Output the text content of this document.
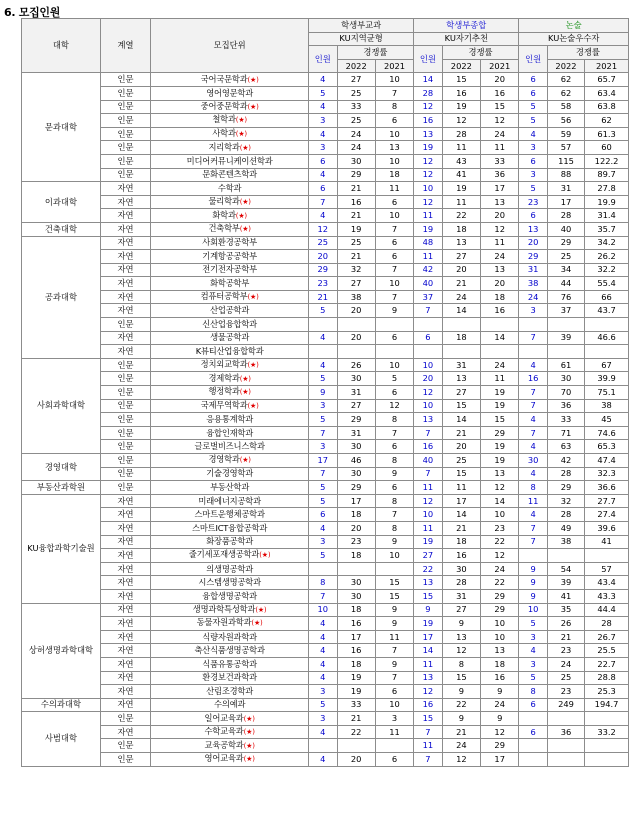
6. 모집인원
대학	계열	모집단위	학생부교과			학생부종합			논술		
			KU지역균형			KU자기추천			KU논술우수자		
			인원	경쟁률		인원	경쟁률		인원	경쟁률	
				2022	2021		2022	2021		2022	2021
문과대학	인문	국어국문학과(★)	4	27	10	14	15	20	6	62	65.7
	인문	영어영문학과	5	25	7	28	16	16	6	62	63.4
	인문	중어중문학과(★)	4	33	8	12	19	15	5	58	63.8
	인문	철학과(★)	3	25	6	16	12	12	5	56	62
	인문	사학과(★)	4	24	10	13	28	24	4	59	61.3
	인문	지리학과(★)	3	24	13	19	11	11	3	57	60
	인문	미디어커뮤니케이션학과	6	30	10	12	43	33	6	115	122.2
	인문	문화콘텐츠학과	4	29	18	12	41	36	3	88	89.7
이과대학	자연	수학과	6	21	11	10	19	17	5	31	27.8
	자연	물리학과(★)	7	16	6	12	11	13	23	17	19.9
	자연	화학과(★)	4	21	10	11	22	20	6	28	31.4
건축대학	자연	건축학부(★)	12	19	7	19	18	12	13	40	35.7
공과대학	자연	사회환경공학부	25	25	6	48	13	11	20	29	34.2
	자연	기계항공공학부	20	21	6	11	27	24	29	25	26.2
	자연	전기전자공학부	29	32	7	42	20	13	31	34	32.2
	자연	화학공학부	23	27	10	40	21	20	38	44	55.4
	자연	컴퓨터공학부(★)	21	38	7	37	24	18	24	76	66
	자연	산업공학과	5	20	9	7	14	16	3	37	43.7
	인문	신산업융합학과									
	자연	생물공학과	4	20	6	6	18	14	7	39	46.6
	자연	K뷰티산업융합학과									
사회과학대학	인문	정치외교학과(★)	4	26	10	10	31	24	4	61	67
	인문	경제학과(★)	5	30	5	20	13	11	16	30	39.9
	인문	행정학과(★)	9	31	6	12	27	19	7	70	75.1
	인문	국제무역학과(★)	3	27	12	10	15	19	7	36	38
	인문	응용통계학과	5	29	8	13	14	15	4	33	45
	인문	융합인재학과	7	31	7	7	21	29	7	71	74.6
	인문	글로벌비즈니스학과	3	30	6	16	20	19	4	63	65.3
경영대학	인문	경영학과(★)	17	46	8	40	25	19	30	42	47.4
	인문	기술경영학과	7	30	9	7	15	13	4	28	32.3
부동산과학원	인문	부동산학과	5	29	6	11	11	12	8	29	36.6
KU융합과학기술원	자연	미래에너지공학과	5	17	8	12	17	14	11	32	27.7
	자연	스마트운행체공학과	6	18	7	10	14	10	4	28	27.4
	자연	스마트ICT융합공학과	4	20	8	11	21	23	7	49	39.6
	자연	화장품공학과	3	23	9	19	18	22	7	38	41
	자연	줄기세포재생공학과(★)	5	18	10	27	16	12			
	자연	의생명공학과				22	30	24	9	54	57
	자연	시스템생명공학과	8	30	15	13	28	22	9	39	43.4
	자연	융합생명공학과	7	30	15	15	31	29	9	41	43.3
상허생명과학대학	자연	생명과학특성학과(★)	10	18	9	9	27	29	10	35	44.4
	자연	동물자원과학과(★)	4	16	9	19	9	10	5	26	28
	자연	식량자원과학과	4	17	11	17	13	10	3	21	26.7
	자연	축산식품생명공학과	4	16	7	14	12	13	4	23	25.5
	자연	식품유통공학과	4	18	9	11	8	18	3	24	22.7
	자연	환경보건과학과	4	19	7	13	15	16	5	25	28.8
	자연	산림조경학과	3	19	6	12	9	9	8	23	25.3
수의과대학	자연	수의예과	5	33	10	16	22	24	6	249	194.7
사범대학	인문	일어교육과(★)	3	21	3	15	9	9			
	자연	수학교육과(★)	4	22	11	7	21	12	6	36	33.2
	인문	교육공학과(★)				11	24	29			
	인문	영어교육과(★)	4	20	6	7	12	17			
